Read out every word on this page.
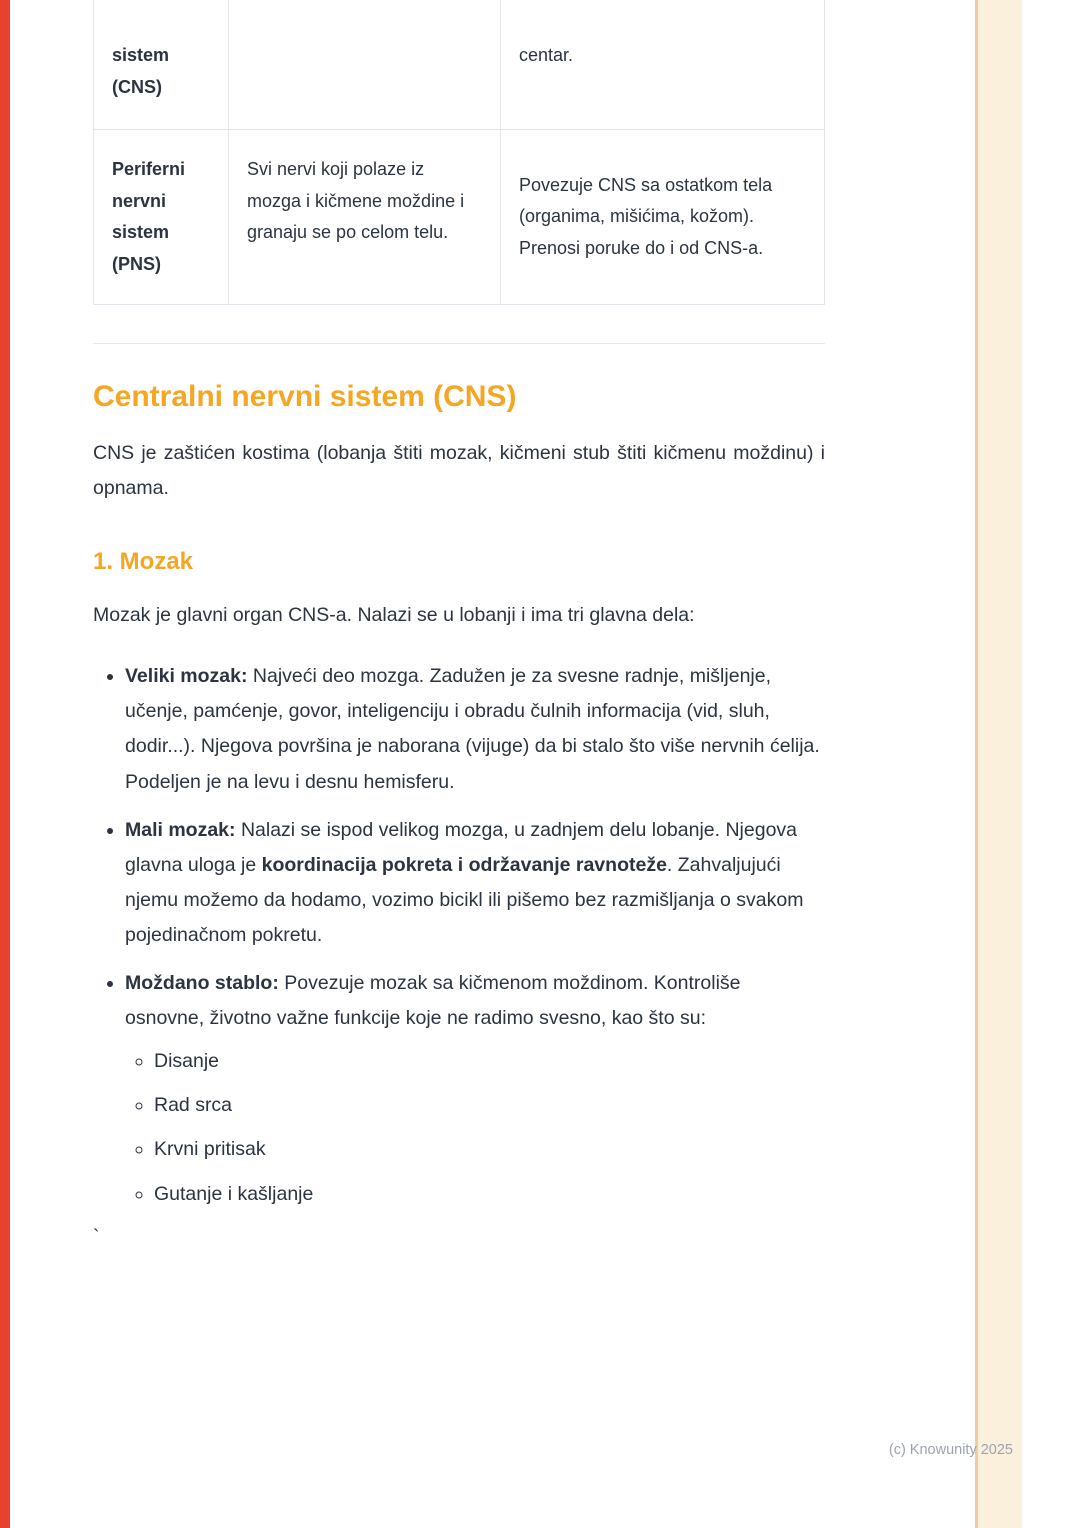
sistem (CNS)
centar.
Periferni nervni sistem (PNS)
Svi nervi koji polaze iz mozga i kičmene moždine i granaju se po celom telu.
Povezuje CNS sa ostatkom tela (organima, mišićima, kožom). Prenosi poruke do i od CNS-a.
Centralni nervni sistem (CNS)

CNS je zaštićen kostima (lobanja štiti mozak, kičmeni stub štiti kičmenu moždinu) i opnama.

1. Mozak

Mozak je glavni organ CNS-a. Nalazi se u lobanji i ima tri glavna dela:

• Veliki mozak: Najveći deo mozga. Zadužen je za svesne radnje, mišljenje, učenje, pamćenje, govor, inteligenciju i obradu čulnih informacija (vid, sluh, dodir...). Njegova površina je naborana (vijuge) da bi stalo što više nervnih ćelija. Podeljen je na levu i desnu hemisferu.
• Mali mozak: Nalazi se ispod velikog mozga, u zadnjem delu lobanje. Njegova glavna uloga je koordinacija pokreta i održavanje ravnoteže. Zahvaljujući njemu možemo da hodamo, vozimo bicikl ili pišemo bez razmišljanja o svakom pojedinačnom pokretu.
• Moždano stablo: Povezuje mozak sa kičmenom moždinom. Kontroliše osnovne, životno važne funkcije koje ne radimo svesno, kao što su:
◦ Disanje
◦ Rad srca
◦ Krvni pritisak
◦ Gutanje i kašljanje
`
(c) Knowunity 2025
